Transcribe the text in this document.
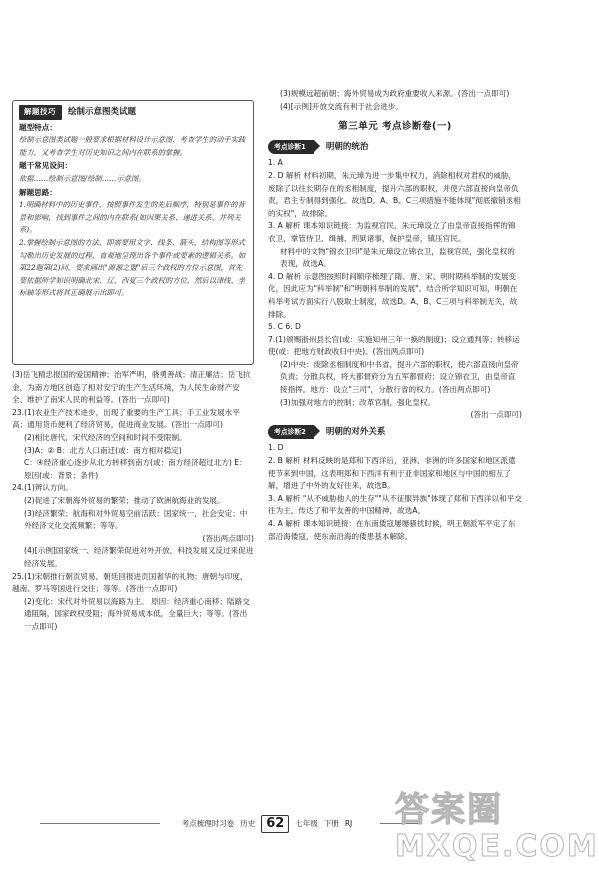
解题技巧	绘制示意图类试题
题型特点：

绘制示意图类试题一般要求根据材料设计示意图，考查学生的动手实践能力，又考查学生对历史知识之间内在联系的掌握。

题干常见设问：

依据……绘制示意图/绘制……示意图。

解题思路：

1.明确材料中的历史事件，按照事件发生的先后顺序，特别是事件的背景和影响，找到事件之间的内在联系(如因果关系、递进关系、并列关系)。

2.掌握绘制示意图的方法，即需要用文字、线条、箭头、结构图等形式勾勒出历史发展的过程，直观地呈现出各个事件或要素的逻辑关系。如第22题第(2)问，要求画出"源源之盟"后三个政权的方位示意图，首先要依据所学知识明确北宋、辽、西夏三个政权的方位，然后以津线、坐标轴等形式将其正确展示出即可。

(3)岳飞精忠报国的爱国精神；治军严明，骁勇善战；清正廉洁；岳飞抗金，为南方地区创造了相对安宁的生产生活环境，为人民生命财产安全、维护了南宋人民的利益等。(答出一点即可)

23.(1)农业生产技术进步，出现了重要的生产工具；手工业发展水平高；通用货币便利了经济贸易，促进商业发展。(答出一点即可)

(2)相比唐代，宋代经济的空间和时间不受限制。

(3)A；② B：北方人口南迁(或：南方相对稳定)

C：④经济重心逐步从北方转移到南方(或：南方经济超过北方) E：原因(或：背景；条件)

24.(1)辨认方向。

(2)促进了宋朝海外贸易的繁荣；推动了欧洲航海业的发展。

(3)经济繁荣；航海和对外贸易空前活跃；国家统一，社会安定；中外经济文化交流频繁；等等。

(答出两点即可)

(4)[示例]国家统一、经济繁荣促进对外开放，科技发展又反过来促进经济发展。

25.(1)宋朝推行朝贡贸易，朝廷回报进贡国奢华的礼物；唐朝与印度、越南、罗马等国进行交往；等等。(答出一点即可)

(2)变化：宋代对外贸易以海路为主。 原因：经济重心南移；陆路交通阻隔，国家政权受阻；海外贸易成本低，全量巨大；等等。(答出一点即可)

(3)规模远超前朝；海外贸易成为政府重要收入来源。(答出一点即可)

(4)[示例]开放交流有利于社会进步。

第三单元 考点诊断卷(一)
考点诊断1	明朝的统治

1. A

2. D 解析 材料初期，朱元璋为进一步集中权力，消除相权对君权的威胁，废除了以往长期存在的丞相制度，提升六部的职权，并使六部直接向皇帝负责，君主专制得到强化。故选D。A、B、C三项措施不能体现"彻底撤销丞相的实权"，故排除。

3. A 解析 课本知识链接：为监视官民，朱元璋设立了由皇帝直接指挥的锦衣卫，掌管侍卫、缉捕、刑狱诸事，保护皇帝，镇压官民。

材料中的文物"锦衣卫印"是朱元璋设立锦衣卫，监视官民，强化皇权的表现，故选A。

4. D 解析 示意图按照时间顺序梳理了隋、唐、宋、明时期科举制的发展变化，因此应为"科举制"和"明朝科举制的发展"。结合所学知识可知，明朝在科举考试方面实行八股取士制度，故选D。A、B、C三项与科举制无关，故排除。

5. C 6. D

7.(1)颁赐浙州县长官(或：实施知州三年一换的制度)；设立通判等；转移运使(或：把地方财政收归中央)。(答出两点即可)

(2)中央：废除丞相制度和中书省，提升六部的职权，使六部直接向皇帝负责；分散兵权，将大都督府分为五军都督府；设立锦衣卫，由皇帝直接指挥。地方：设立"三司"，分散行省的权力。(答出两点即可)

(3)加强对地方的控制；改革官制，强化皇权。

(答出一点即可)

考点诊断2	明朝的对外关系

1. D

2. B 解析 材料反映的是郑和下西洋后，亚洲、非洲的许多国家和地区派遣使节来到中国，这表明郑和下西洋有利于亚非国家和地区与中国的相互了解，增进了中外的友好往来，故选B。

3. A 解析 "从不威胁他人的生存""从不征服异族"体现了郑和下西洋以和平交往为主，传达了和平友善的中国精神，故选A。

4. A 解析 课本知识链接：在东南倭寇屡屡骚扰时候，明王朝派军平定了东部沿海倭寇，使东南沿海的倭患基本解除。

考点梳理时习卷 历史 62	七年级 下册 RJ 答案圈
MXQE.COM
